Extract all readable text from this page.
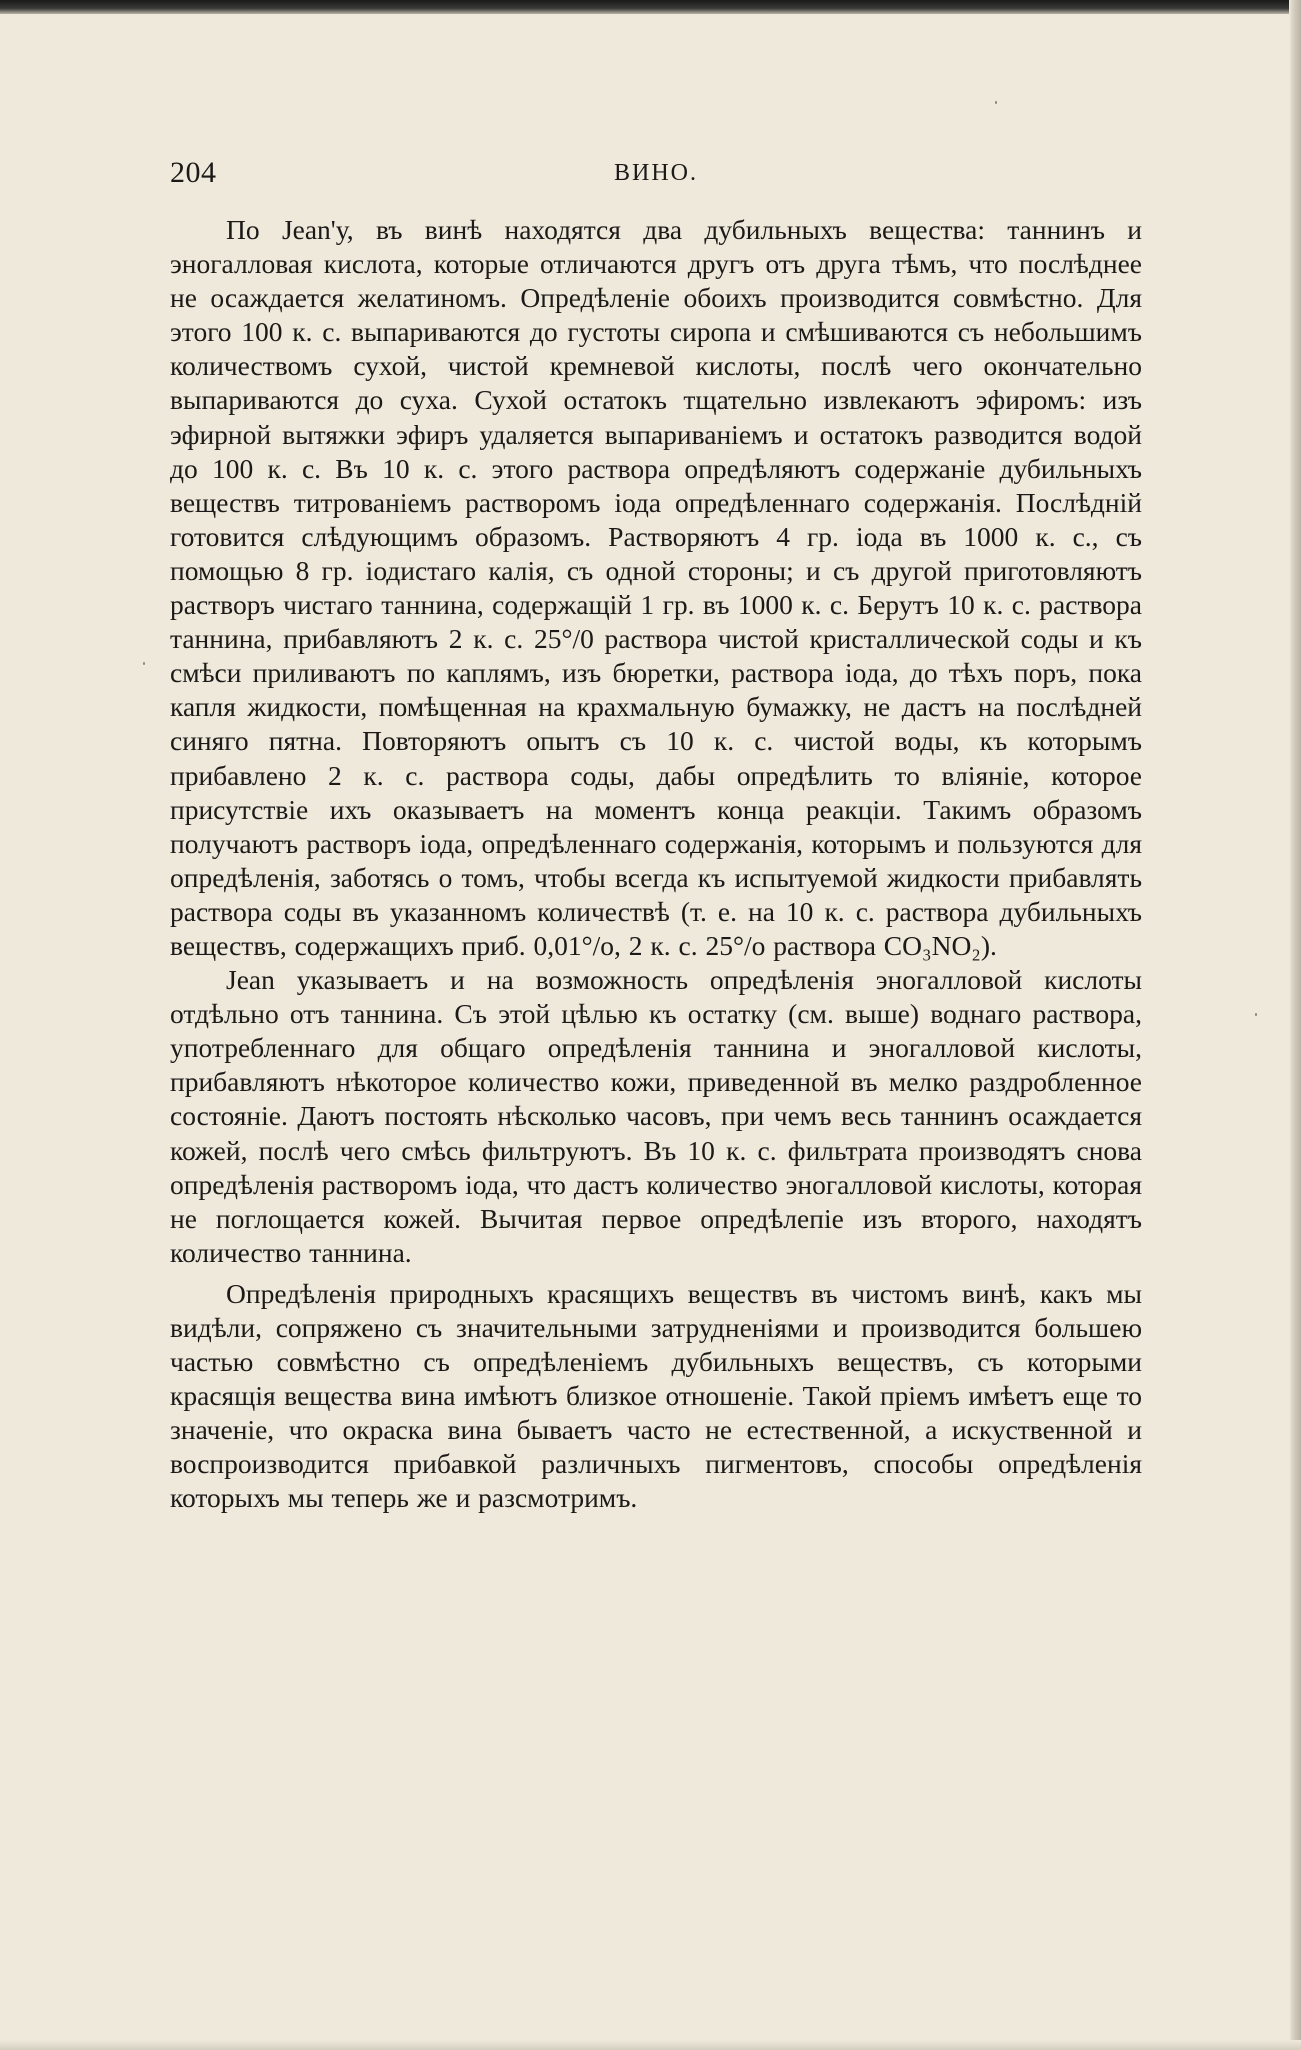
204	ВИНО.

По Jean'у, въ винѣ находятся два дубильныхъ вещества: таннинъ и эногалловая кислота, которые отличаются другъ отъ друга тѣмъ, что послѣднее не осаждается желатиномъ. Опредѣленіе обоихъ производится совмѣстно. Для этого 100 к. с. выпариваются до густоты сиропа и смѣшиваются съ небольшимъ количествомъ сухой, чистой кремневой кислоты, послѣ чего окончательно выпариваются до суха. Сухой остатокъ тщательно извлекаютъ эфиромъ: изъ эфирной вытяжки эфиръ удаляется выпариваніемъ и остатокъ разводится водой до 100 к. с. Въ 10 к. с. этого раствора опредѣляютъ содержаніе дубильныхъ веществъ титрованіемъ растворомъ іода опредѣленнаго содержанія. Послѣдній готовится слѣдующимъ образомъ. Растворяютъ 4 гр. іода въ 1000 к. с., съ помощью 8 гр. іодистаго калія, съ одной стороны; и съ другой приготовляютъ растворъ чистаго таннина, содержащій 1 гр. въ 1000 к. с. Берутъ 10 к. с. раствора таннина, прибавляютъ 2 к. с. 25°/0 раствора чистой кристаллической соды и къ смѣси приливаютъ по каплямъ, изъ бюретки, раствора іода, до тѣхъ поръ, пока капля жидкости, помѣщенная на крахмальную бумажку, не дастъ на послѣдней синяго пятна. Повторяютъ опытъ съ 10 к. с. чистой воды, къ которымъ прибавлено 2 к. с. раствора соды, дабы опредѣлить то вліяніе, которое присутствіе ихъ оказываетъ на моментъ конца реакціи. Такимъ образомъ получаютъ растворъ іода, опредѣленнаго содержанія, которымъ и пользуются для опредѣленія, заботясь о томъ, чтобы всегда къ испытуемой жидкости прибавлять раствора соды въ указанномъ количествѣ (т. е. на 10 к. с. раствора дубильныхъ веществъ, содержащихъ приб. 0,01°/o, 2 к. с. 25°/o раствора CO₃NO₂).

Jean указываетъ и на возможность опредѣленія эногалловой кислоты отдѣльно отъ таннина. Съ этой цѣлью къ остатку (см. выше) воднаго раствора, употребленнаго для общаго опредѣленія таннина и эногалловой кислоты, прибавляютъ нѣкоторое количество кожи, приведенной въ мелко раздробленное состояніе. Даютъ постоять нѣсколько часовъ, при чемъ весь таннинъ осаждается кожей, послѣ чего смѣсь фильтруютъ. Въ 10 к. с. фильтрата производятъ снова опредѣленія растворомъ іода, что дастъ количество эногалловой кислоты, которая не поглощается кожей. Вычитая первое опредѣлепіе изъ второго, находятъ количество таннина.

Опредѣленія природныхъ красящихъ веществъ въ чистомъ винѣ, какъ мы видѣли, сопряжено съ значительными затрудненіями и производится большею частью совмѣстно съ опредѣленіемъ дубильныхъ веществъ, съ которыми красящія вещества вина имѣютъ близкое отношеніе. Такой пріемъ имѣетъ еще то значеніе, что окраска вина бываетъ часто не естественной, а искуственной и воспроизводится прибавкой различныхъ пигментовъ, способы опредѣленія которыхъ мы теперь же и разсмотримъ.
